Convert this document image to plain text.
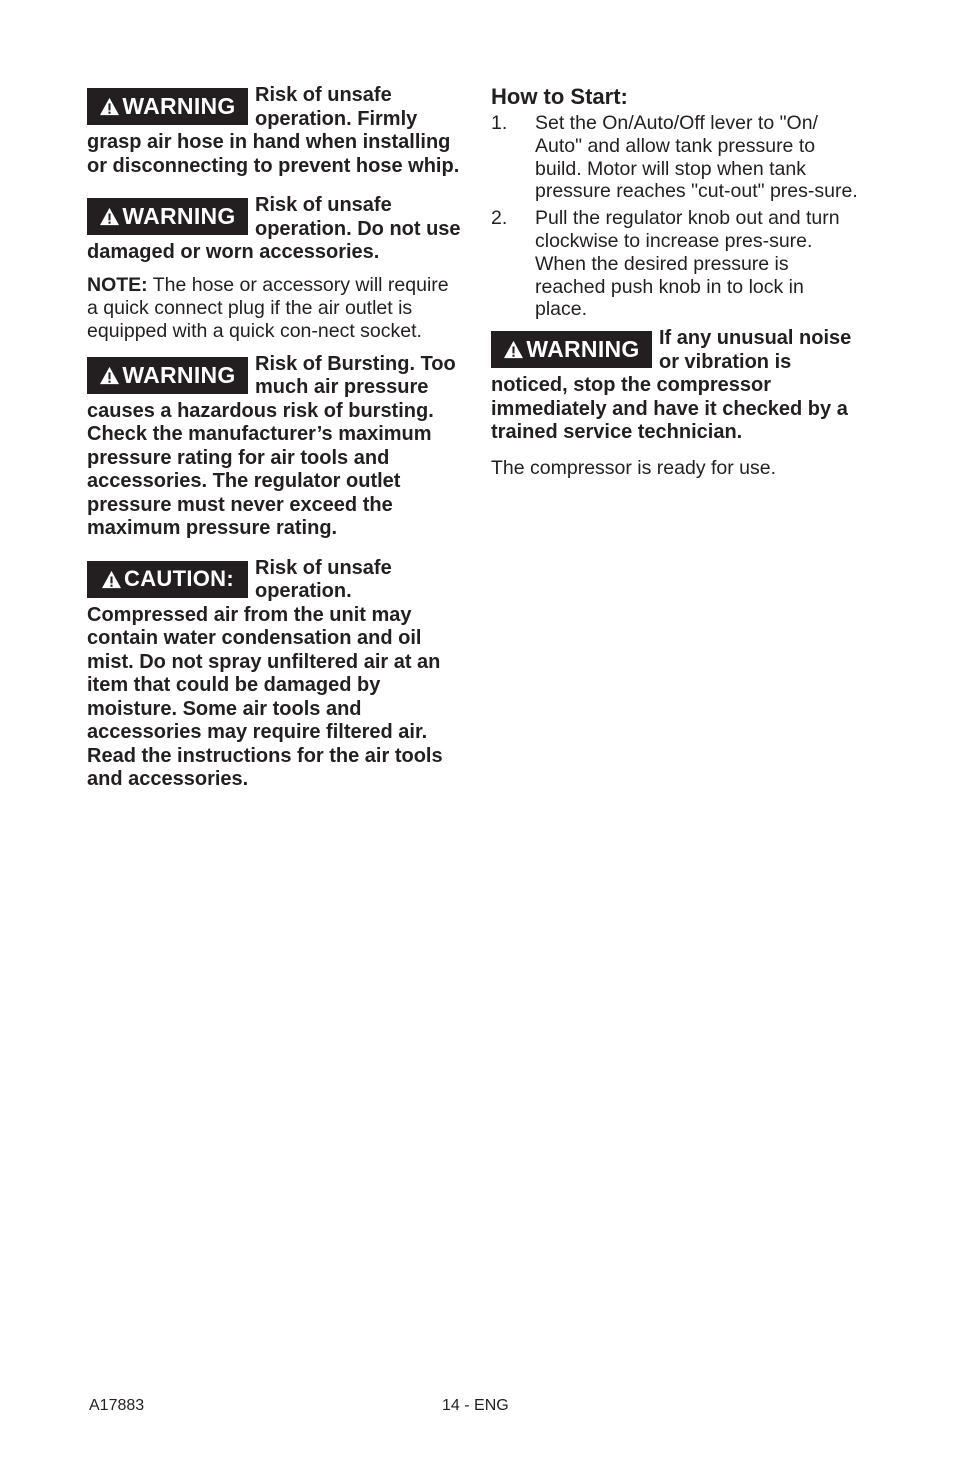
WARNING Risk of unsafe operation. Firmly grasp air hose in hand when installing or disconnecting to prevent hose whip.
WARNING Risk of unsafe operation. Do not use damaged or worn accessories.

NOTE: The hose or accessory will require a quick connect plug if the air outlet is equipped with a quick con-nect socket.

WARNING Risk of Bursting. Too much air pressure causes a hazardous risk of bursting. Check the manufacturer’s maximum pressure rating for air tools and accessories. The regulator outlet pressure must never exceed the maximum pressure rating.
CAUTION:	Risk of unsafe operation. Compressed air from the unit may contain water condensation and oil mist. Do not spray unfiltered air at an item that could be damaged by moisture. Some air tools and accessories may require filtered air. Read the instructions for the air tools and accessories.
How to Start:
1. Set the On/Auto/Off lever to "On/ Auto" and allow tank pressure to build. Motor will stop when tank pressure reaches "cut-out" pres-sure.
2. Pull the regulator knob out and turn clockwise to increase pres-sure. When the desired pressure is reached push knob in to lock in place.
WARNING If any unusual noise or vibration is noticed, stop the compressor immediately and have it checked by a trained service technician.

The compressor is ready for use.

A17883	14 - ENG
